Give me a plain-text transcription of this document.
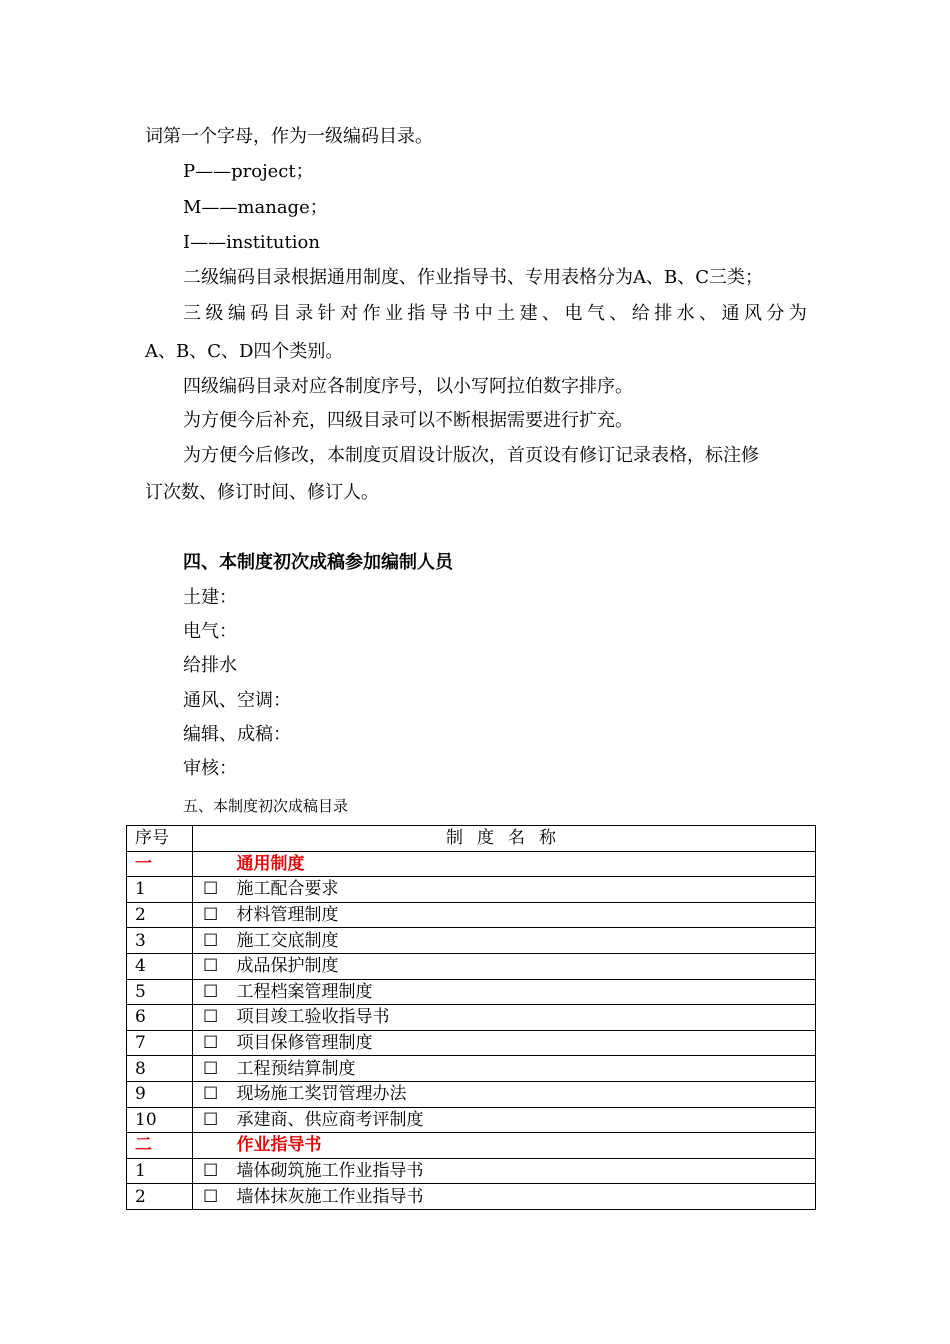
词第一个字母，作为一级编码目录。
P——project；
M——manage；
I——institution
二级编码目录根据通用制度、作业指导书、专用表格分为A、B、C三类；
三 级 编 码 目 录 针 对 作 业 指 导 书 中 土 建 、 电 气 、 给 排 水 、 通 风 分 为
A、B、C、D四个类别。
四级编码目录对应各制度序号，以小写阿拉伯数字排序。
为方便今后补充，四级目录可以不断根据需要进行扩充。
为方便今后修改，本制度页眉设计版次，首页设有修订记录表格，标注修
订次数、修订时间、修订人。
四、本制度初次成稿参加编制人员
土建：
电气：
给排水
通风、空调：
编辑、成稿：
审核：
五、本制度初次成稿目录
序号	制度名称	
一		通用制度
1	☐	施工配合要求
2	☐	材料管理制度
3	☐	施工交底制度
4	☐	成品保护制度
5	☐	工程档案管理制度
6	☐	项目竣工验收指导书
7	☐	项目保修管理制度
8	☐	工程预结算制度
9	☐	现场施工奖罚管理办法
10	☐	承建商、供应商考评制度
二		作业指导书
1	☐	墙体砌筑施工作业指导书
2	☐	墙体抹灰施工作业指导书
